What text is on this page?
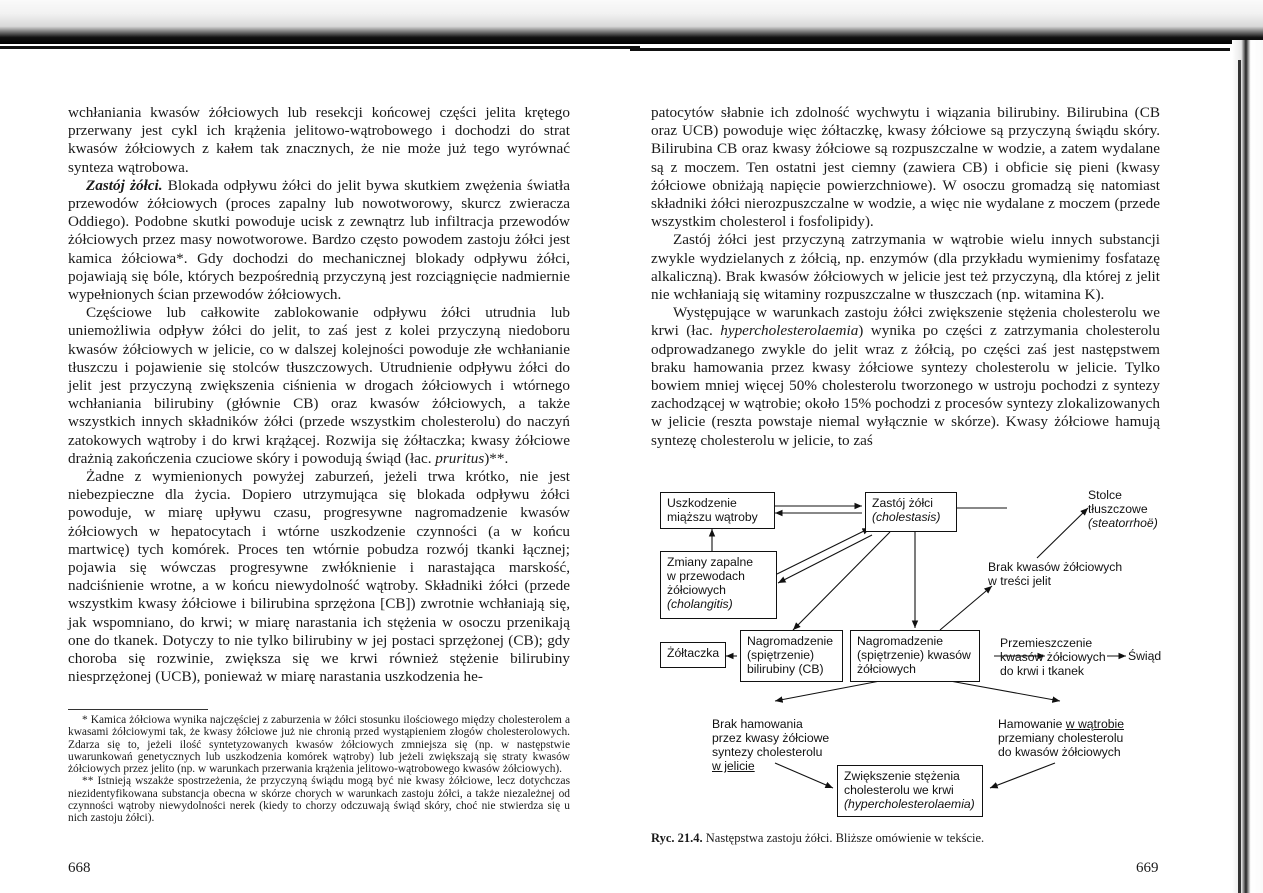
wchłaniania kwasów żółciowych lub resekcji końcowej części jelita krętego przerwany jest cykl ich krążenia jelitowo-wątrobowego i dochodzi do strat kwasów żółciowych z kałem tak znacznych, że nie może już tego wyrównać synteza wątrobowa.

Zastój żółci. Blokada odpływu żółci do jelit bywa skutkiem zwężenia światła przewodów żółciowych (proces zapalny lub nowotworowy, skurcz zwieracza Oddiego). Podobne skutki powoduje ucisk z zewnątrz lub infiltracja przewodów żółciowych przez masy nowotworowe. Bardzo często powodem zastoju żółci jest kamica żółciowa*. Gdy dochodzi do mechanicznej blokady odpływu żółci, pojawiają się bóle, których bezpośrednią przyczyną jest rozciągnięcie nadmiernie wypełnionych ścian przewodów żółciowych.

Częściowe lub całkowite zablokowanie odpływu żółci utrudnia lub uniemożliwia odpływ żółci do jelit, to zaś jest z kolei przyczyną niedoboru kwasów żółciowych w jelicie, co w dalszej kolejności powoduje złe wchłanianie tłuszczu i pojawienie się stolców tłuszczowych. Utrudnienie odpływu żółci do jelit jest przyczyną zwiększenia ciśnienia w drogach żółciowych i wtórnego wchłaniania bilirubiny (głównie CB) oraz kwasów żółciowych, a także wszystkich innych składników żółci (przede wszystkim cholesterolu) do naczyń zatokowych wątroby i do krwi krążącej. Rozwija się żółtaczka; kwasy żółciowe drażnią zakończenia czuciowe skóry i powodują świąd (łac. pruritus)**.

Żadne z wymienionych powyżej zaburzeń, jeżeli trwa krótko, nie jest niebezpieczne dla życia. Dopiero utrzymująca się blokada odpływu żółci powoduje, w miarę upływu czasu, progresywne nagromadzenie kwasów żółciowych w hepatocytach i wtórne uszkodzenie czynności (a w końcu martwicę) tych komórek. Proces ten wtórnie pobudza rozwój tkanki łącznej; pojawia się wówczas progresywne zwłóknienie i narastająca marskość, nadciśnienie wrotne, a w końcu niewydolność wątroby. Składniki żółci (przede wszystkim kwasy żółciowe i bilirubina sprzężona [CB]) zwrotnie wchłaniają się, jak wspomniano, do krwi; w miarę narastania ich stężenia w osoczu przenikają one do tkanek. Dotyczy to nie tylko bilirubiny w jej postaci sprzężonej (CB); gdy choroba się rozwinie, zwiększa się we krwi również stężenie bilirubiny niesprzężonej (UCB), ponieważ w miarę narastania uszkodzenia he-

* Kamica żółciowa wynika najczęściej z zaburzenia w żółci stosunku ilościowego między cholesterolem a kwasami żółciowymi tak, że kwasy żółciowe już nie chronią przed wystąpieniem złogów cholesterolowych. Zdarza się to, jeżeli ilość syntetyzowanych kwasów żółciowych zmniejsza się (np. w następstwie uwarunkowań genetycznych lub uszkodzenia komórek wątroby) lub jeżeli zwiększają się straty kwasów żółciowych przez jelito (np. w warunkach przerwania krążenia jelitowo-wątrobowego kwasów żółciowych).

** Istnieją wszakże spostrzeżenia, że przyczyną świądu mogą być nie kwasy żółciowe, lecz dotychczas niezidentyfikowana substancja obecna w skórze chorych w warunkach zastoju żółci, a także niezależnej od czynności wątroby niewydolności nerek (kiedy to chorzy odczuwają świąd skóry, choć nie stwierdza się u nich zastoju żółci).

668

patocytów słabnie ich zdolność wychwytu i wiązania bilirubiny. Bilirubina (CB oraz UCB) powoduje więc żółtaczkę, kwasy żółciowe są przyczyną świądu skóry. Bilirubina CB oraz kwasy żółciowe są rozpuszczalne w wodzie, a zatem wydalane są z moczem. Ten ostatni jest ciemny (zawiera CB) i obficie się pieni (kwasy żółciowe obniżają napięcie powierzchniowe). W osoczu gromadzą się natomiast składniki żółci nierozpuszczalne w wodzie, a więc nie wydalane z moczem (przede wszystkim cholesterol i fosfolipidy).

Zastój żółci jest przyczyną zatrzymania w wątrobie wielu innych substancji zwykle wydzielanych z żółcią, np. enzymów (dla przykładu wymienimy fosfatazę alkaliczną). Brak kwasów żółciowych w jelicie jest też przyczyną, dla której z jelit nie wchłaniają się witaminy rozpuszczalne w tłuszczach (np. witamina K).

Występujące w warunkach zastoju żółci zwiększenie stężenia cholesterolu we krwi (łac. hypercholesterolaemia) wynika po części z zatrzymania cholesterolu odprowadzanego zwykle do jelit wraz z żółcią, po części zaś jest następstwem braku hamowania przez kwasy żółciowe syntezy cholesterolu w jelicie. Tylko bowiem mniej więcej 50% cholesterolu tworzonego w ustroju pochodzi z syntezy zachodzącej w wątrobie; około 15% pochodzi z procesów syntezy zlokalizowanych w jelicie (reszta powstaje niemal wyłącznie w skórze). Kwasy żółciowe hamują syntezę cholesterolu w jelicie, to zaś

Uszkodzenie
miąższu wątroby
Zastój żółci
(cholestasis)
Zmiany zapalne
w przewodach
żółciowych
(cholangitis)
Stolce
tłuszczowe
(steatorrhoë)
Brak kwasów żółciowych
w treści jelit
Żółtaczka
Nagromadzenie
(spiętrzenie)
bilirubiny (CB)
Nagromadzenie
(spiętrzenie) kwasów
żółciowych
Przemieszczenie
kwasów żółciowych
do krwi i tkanek
Świąd
Brak hamowania
przez kwasy żółciowe
syntezy cholesterolu
w jelicie
Hamowanie w wątrobie
przemiany cholesterolu
do kwasów żółciowych
Zwiększenie stężenia
cholesterolu we krwi
(hypercholesterolaemia)
Ryc. 21.4. Następstwa zastoju żółci. Bliższe omówienie w tekście.
669
